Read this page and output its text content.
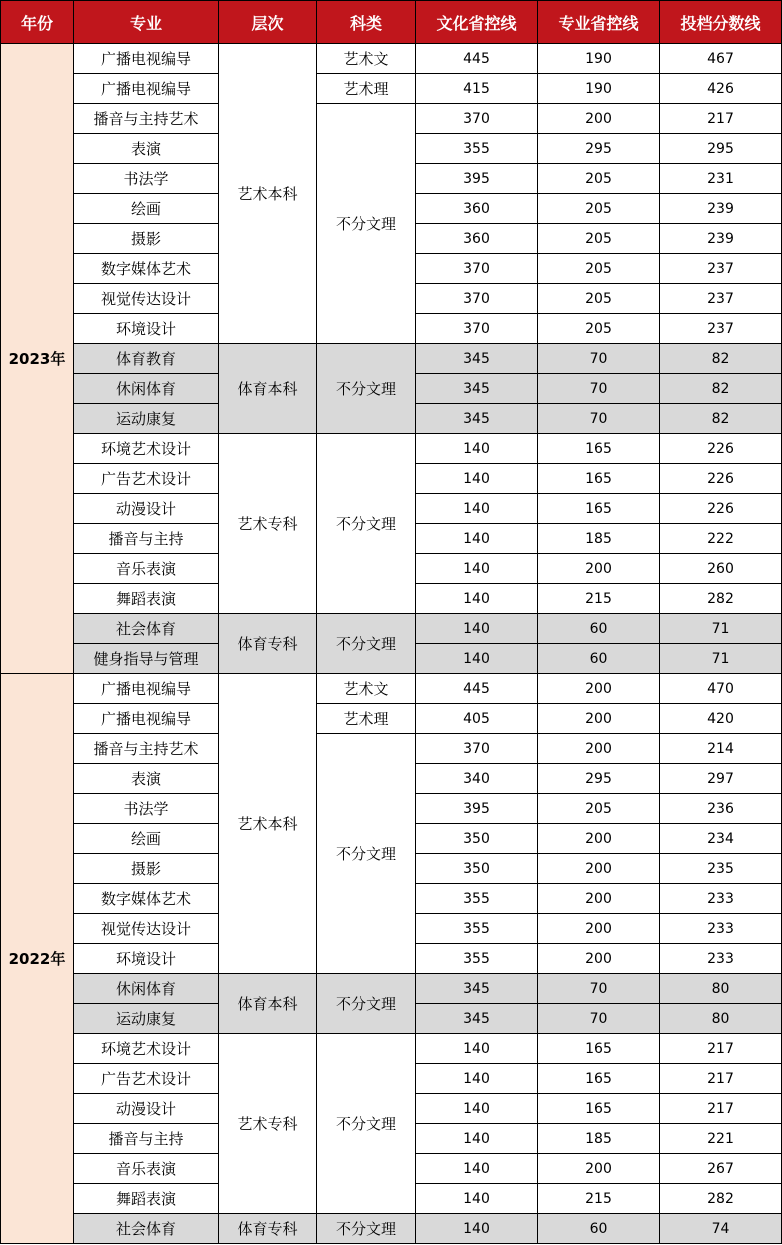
年份	专业	层次	科类	文化省控线	专业省控线	投档分数线
2023年	广播电视编导	艺术本科	艺术文	445	190	467
	广播电视编导		艺术理	415	190	426
	播音与主持艺术		不分文理	370	200	217
	表演			355	295	295
	书法学			395	205	231
	绘画			360	205	239
	摄影			360	205	239
	数字媒体艺术			370	205	237
	视觉传达设计			370	205	237
	环境设计			370	205	237
	体育教育	体育本科	不分文理	345	70	82
	休闲体育			345	70	82
	运动康复			345	70	82
	环境艺术设计	艺术专科	不分文理	140	165	226
	广告艺术设计			140	165	226
	动漫设计			140	165	226
	播音与主持			140	185	222
	音乐表演			140	200	260
	舞蹈表演			140	215	282
	社会体育	体育专科	不分文理	140	60	71
	健身指导与管理			140	60	71
2022年	广播电视编导	艺术本科	艺术文	445	200	470
	广播电视编导		艺术理	405	200	420
	播音与主持艺术		不分文理	370	200	214
	表演			340	295	297
	书法学			395	205	236
	绘画			350	200	234
	摄影			350	200	235
	数字媒体艺术			355	200	233
	视觉传达设计			355	200	233
	环境设计			355	200	233
	休闲体育	体育本科	不分文理	345	70	80
	运动康复			345	70	80
	环境艺术设计	艺术专科	不分文理	140	165	217
	广告艺术设计			140	165	217
	动漫设计			140	165	217
	播音与主持			140	185	221
	音乐表演			140	200	267
	舞蹈表演			140	215	282
	社会体育	体育专科	不分文理	140	60	74
